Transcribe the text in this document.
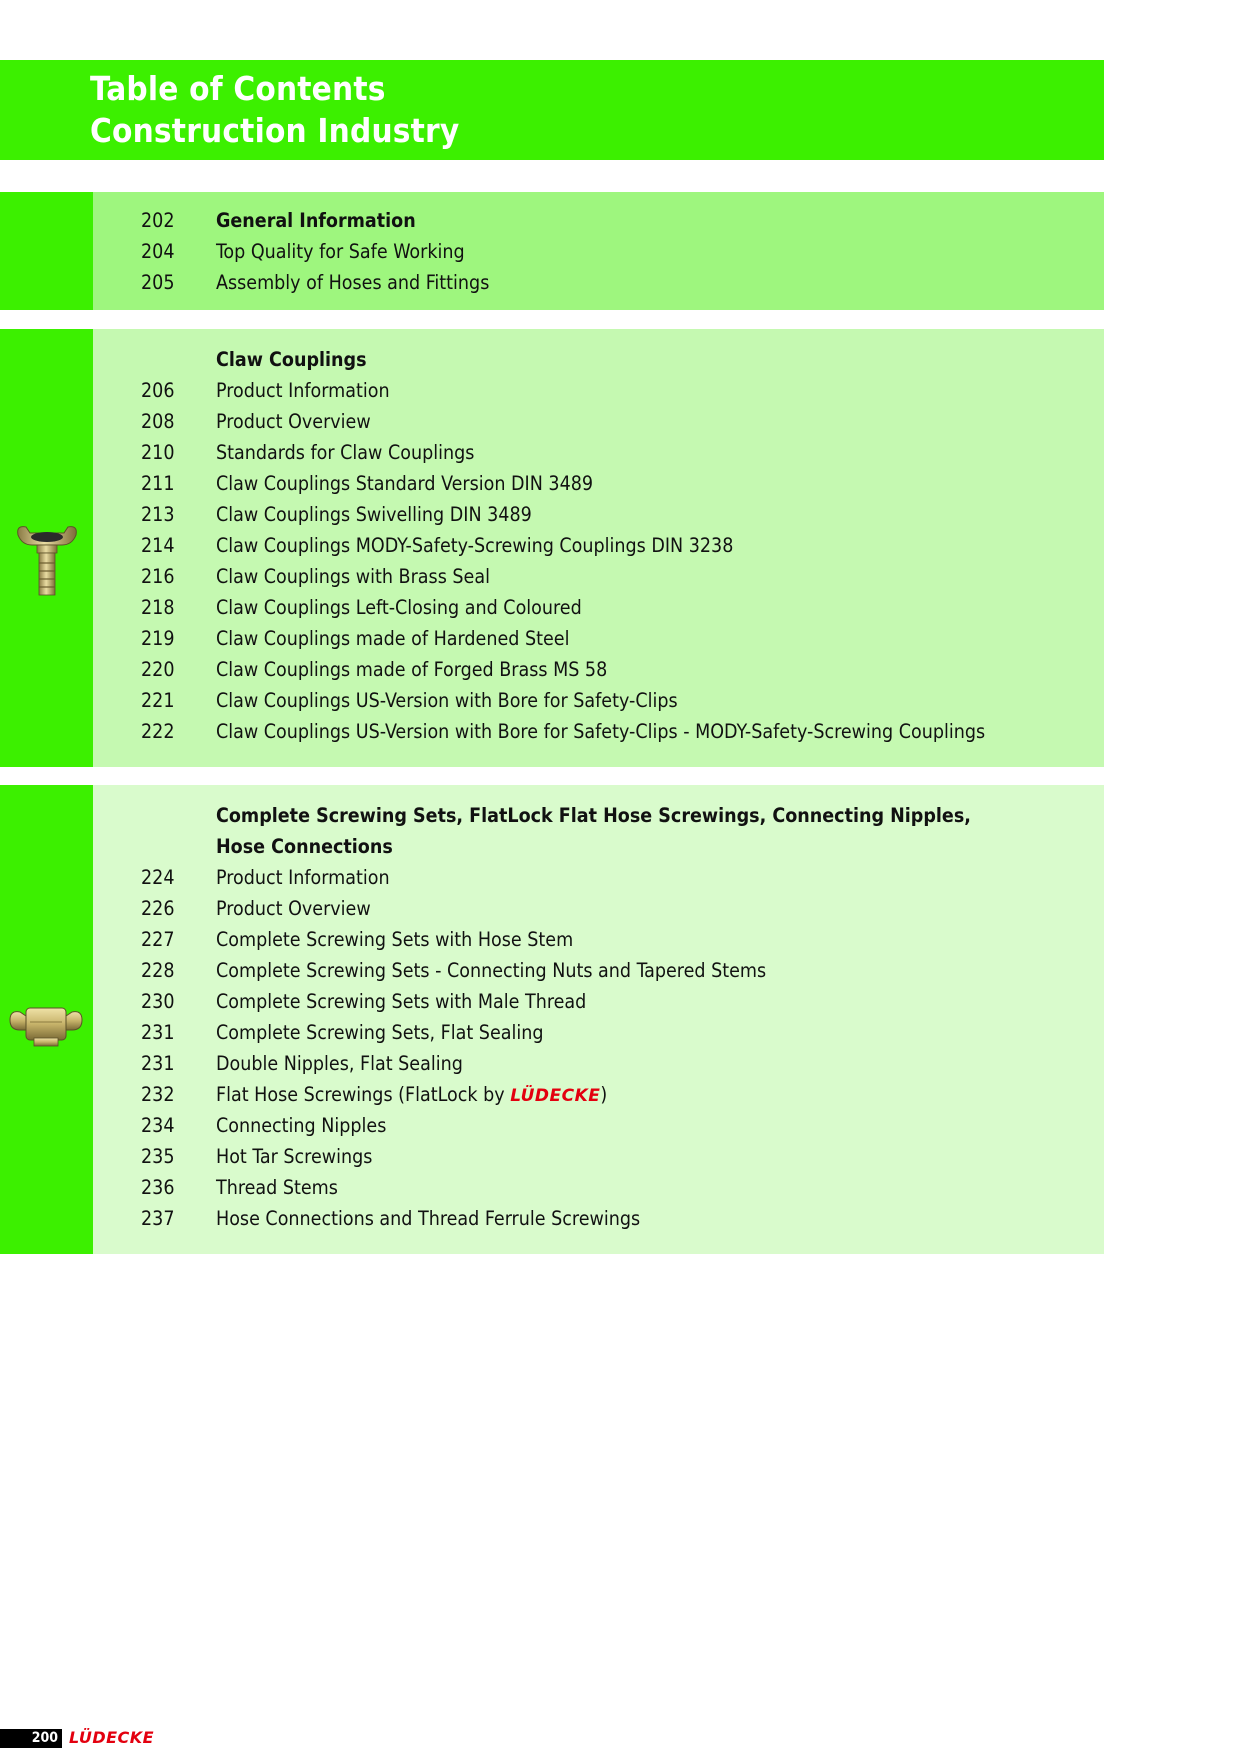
Table of Contents
Construction Industry
202	General Information
204	Top Quality for Safe Working
205	Assembly of Hoses and Fittings
Claw Couplings
206	Product Information
208	Product Overview
210	Standards for Claw Couplings
211	Claw Couplings Standard Version DIN 3489
213	Claw Couplings Swivelling DIN 3489
214	Claw Couplings MODY-Safety-Screwing Couplings DIN 3238
216	Claw Couplings with Brass Seal
218	Claw Couplings Left-Closing and Coloured
219	Claw Couplings made of Hardened Steel
220	Claw Couplings made of Forged Brass MS 58
221	Claw Couplings US-Version with Bore for Safety-Clips
222	Claw Couplings US-Version with Bore for Safety-Clips - MODY-Safety-Screwing Couplings
Complete Screwing Sets, FlatLock Flat Hose Screwings, Connecting Nipples,
Hose Connections
224	Product Information
226	Product Overview
227	Complete Screwing Sets with Hose Stem
228	Complete Screwing Sets - Connecting Nuts and Tapered Stems
230	Complete Screwing Sets with Male Thread
231	Complete Screwing Sets, Flat Sealing
231	Double Nipples, Flat Sealing
232	Flat Hose Screwings (FlatLock by LÜDECKE)
234	Connecting Nipples
235	Hot Tar Screwings
236	Thread Stems
237	Hose Connections and Thread Ferrule Screwings
200 LÜDECKE
